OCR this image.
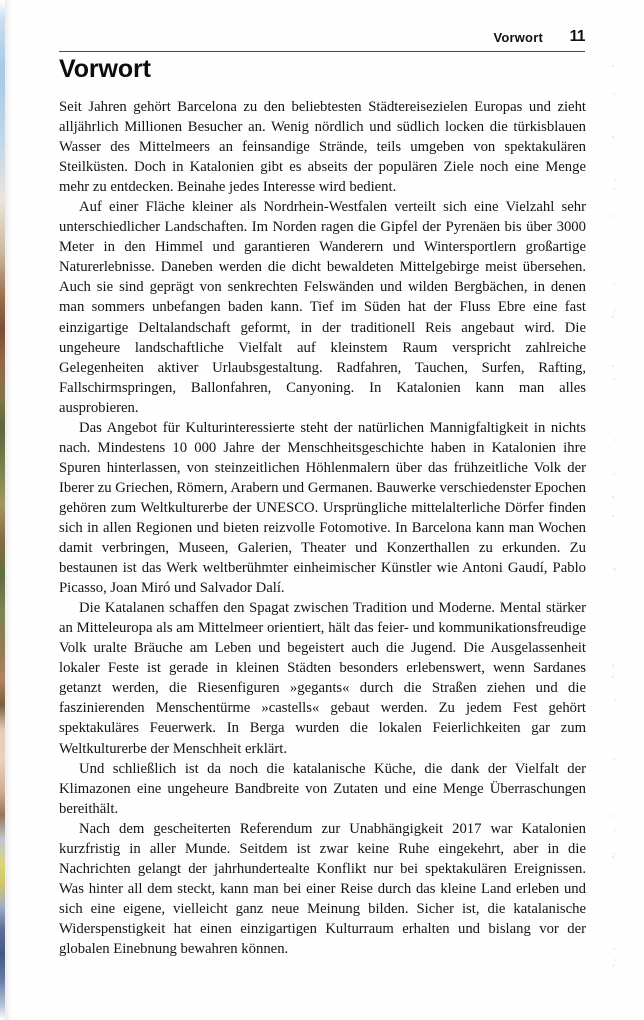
Vorwort 11
Vorwort

Seit Jahren gehört Barcelona zu den beliebtesten Städtereisezielen Europas und zieht alljährlich Millionen Besucher an. Wenig nördlich und südlich locken die türkisblauen Wasser des Mittelmeers an feinsandige Strände, teils umgeben von spektakulären Steilküsten. Doch in Katalonien gibt es abseits der populären Ziele noch eine Menge mehr zu entdecken. Beinahe jedes Interesse wird bedient.

Auf einer Fläche kleiner als Nordrhein-Westfalen verteilt sich eine Vielzahl sehr unterschiedlicher Landschaften. Im Norden ragen die Gipfel der Pyrenäen bis über 3000 Meter in den Himmel und garantieren Wanderern und Wintersportlern großartige Naturerlebnisse. Daneben werden die dicht bewaldeten Mittelgebirge meist übersehen. Auch sie sind geprägt von senkrechten Felswänden und wilden Bergbächen, in denen man sommers unbefangen baden kann. Tief im Süden hat der Fluss Ebre eine fast einzigartige Deltalandschaft geformt, in der traditionell Reis angebaut wird. Die ungeheure landschaftliche Vielfalt auf kleinstem Raum verspricht zahlreiche Gelegenheiten aktiver Urlaubsgestaltung. Radfahren, Tauchen, Surfen, Rafting, Fallschirmspringen, Ballonfahren, Canyoning. In Katalonien kann man alles ausprobieren.

Das Angebot für Kulturinteressierte steht der natürlichen Mannigfaltigkeit in nichts nach. Mindestens 10 000 Jahre der Menschheitsgeschichte haben in Katalonien ihre Spuren hinterlassen, von steinzeitlichen Höhlenmalern über das frühzeitliche Volk der Iberer zu Griechen, Römern, Arabern und Germanen. Bauwerke verschiedenster Epochen gehören zum Weltkulturerbe der UNESCO. Ursprüngliche mittelalterliche Dörfer finden sich in allen Regionen und bieten reizvolle Fotomotive. In Barcelona kann man Wochen damit verbringen, Museen, Galerien, Theater und Konzerthallen zu erkunden. Zu bestaunen ist das Werk weltberühmter einheimischer Künstler wie Antoni Gaudí, Pablo Picasso, Joan Miró und Salvador Dalí.

Die Katalanen schaffen den Spagat zwischen Tradition und Moderne. Mental stärker an Mitteleuropa als am Mittelmeer orientiert, hält das feier- und kommunikationsfreudige Volk uralte Bräuche am Leben und begeistert auch die Jugend. Die Ausgelassenheit lokaler Feste ist gerade in kleinen Städten besonders erlebenswert, wenn Sardanes getanzt werden, die Riesenfiguren »gegants« durch die Straßen ziehen und die faszinierenden Menschentürme »castells« gebaut werden. Zu jedem Fest gehört spektakuläres Feuerwerk. In Berga wurden die lokalen Feierlichkeiten gar zum Weltkulturerbe der Menschheit erklärt.

Und schließlich ist da noch die katalanische Küche, die dank der Vielfalt der Klimazonen eine ungeheure Bandbreite von Zutaten und eine Menge Überraschungen bereithält.

Nach dem gescheiterten Referendum zur Unabhängigkeit 2017 war Katalonien kurzfristig in aller Munde. Seitdem ist zwar keine Ruhe eingekehrt, aber in die Nachrichten gelangt der jahrhundertealte Konflikt nur bei spektakulären Ereignissen. Was hinter all dem steckt, kann man bei einer Reise durch das kleine Land erleben und sich eine eigene, vielleicht ganz neue Meinung bilden. Sicher ist, die katalanische Widerspenstigkeit hat einen einzigartigen Kulturraum erhalten und bislang vor der globalen Einebnung bewahren können.
